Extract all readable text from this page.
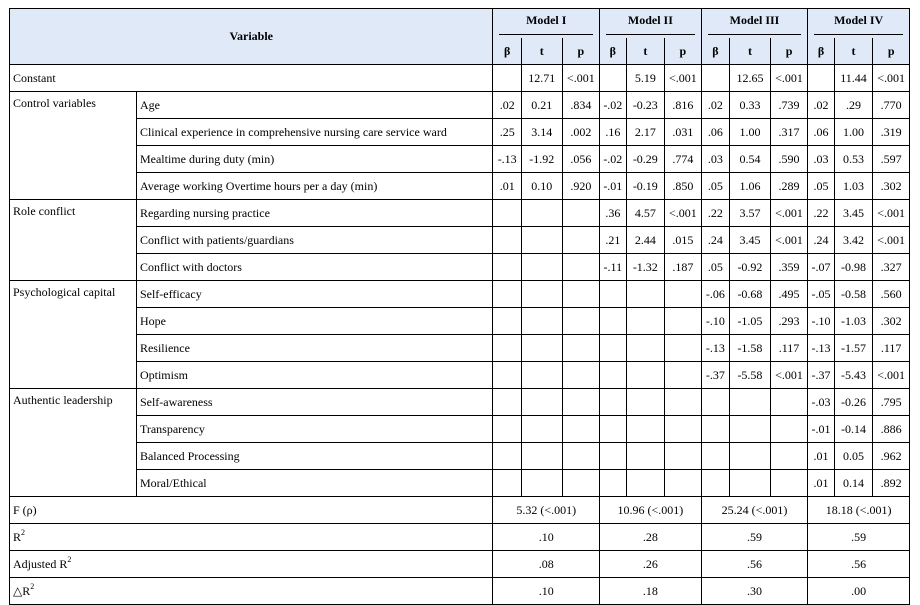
Variable		Model I			Model II			Model III			Model IV		
		β	t	p	β	t	p	β	t	p	β	t	p
Constant			12.71	<.001		5.19	<.001		12.65	<.001		11.44	<.001
Control variables	Age	.02	0.21	.834	-.02	-0.23	.816	.02	0.33	.739	.02	.29	.770
	Clinical experience in comprehensive nursing care service ward	.25	3.14	.002	.16	2.17	.031	.06	1.00	.317	.06	1.00	.319
	Mealtime during duty (min)	-.13	-1.92	.056	-.02	-0.29	.774	.03	0.54	.590	.03	0.53	.597
	Average working Overtime hours per a day (min)	.01	0.10	.920	-.01	-0.19	.850	.05	1.06	.289	.05	1.03	.302
Role conflict	Regarding nursing practice				.36	4.57	<.001	.22	3.57	<.001	.22	3.45	<.001
	Conflict with patients/guardians				.21	2.44	.015	.24	3.45	<.001	.24	3.42	<.001
	Conflict with doctors				-.11	-1.32	.187	.05	-0.92	.359	-.07	-0.98	.327
Psychological capital	Self-efficacy							-.06	-0.68	.495	-.05	-0.58	.560
	Hope							-.10	-1.05	.293	-.10	-1.03	.302
	Resilience							-.13	-1.58	.117	-.13	-1.57	.117
	Optimism							-.37	-5.58	<.001	-.37	-5.43	<.001
Authentic leadership	Self-awareness										-.03	-0.26	.795
	Transparency										-.01	-0.14	.886
	Balanced Processing										.01	0.05	.962
	Moral/Ethical										.01	0.14	.892
F (ρ)		5.32 (<.001)			10.96 (<.001)			25.24 (<.001)			18.18 (<.001)		
$R^2$		.10			.28			.59			.59		
Adjusted $R^2$		.08			.26			.56			.56		
$\triangle R^2$		.10			.18			.30			.00		
